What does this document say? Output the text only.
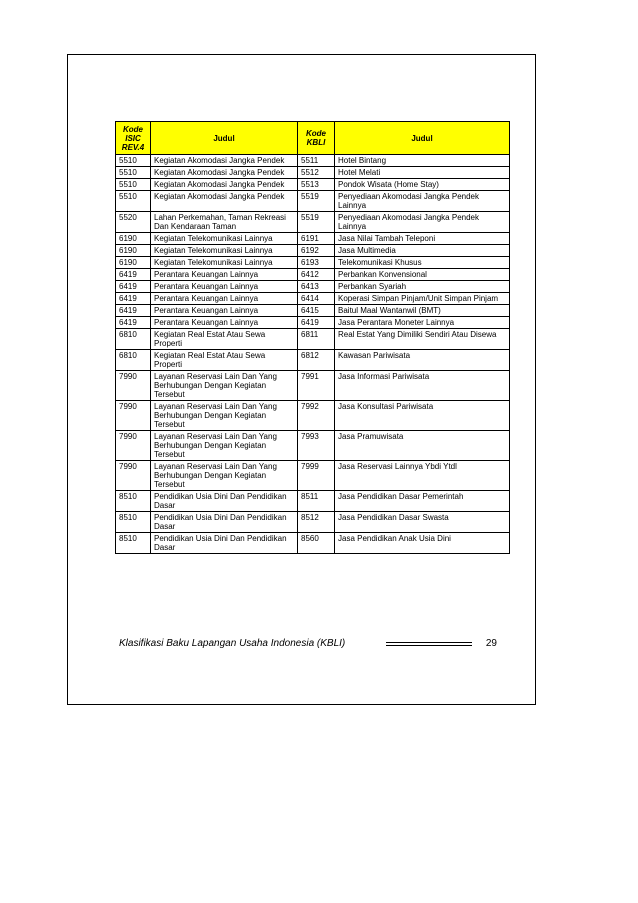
Kode ISIC REV.4	Judul	Kode KBLI	Judul
5510	Kegiatan Akomodasi Jangka Pendek	5511	Hotel Bintang
5510	Kegiatan Akomodasi Jangka Pendek	5512	Hotel Melati
5510	Kegiatan Akomodasi Jangka Pendek	5513	Pondok Wisata (Home Stay)
5510	Kegiatan Akomodasi Jangka Pendek	5519	Penyediaan Akomodasi Jangka Pendek Lainnya
5520	Lahan Perkemahan, Taman Rekreasi Dan Kendaraan Taman	5519	Penyediaan Akomodasi Jangka Pendek Lainnya
6190	Kegiatan Telekomunikasi Lainnya	6191	Jasa Nilai Tambah Teleponi
6190	Kegiatan Telekomunikasi Lainnya	6192	Jasa Multimedia
6190	Kegiatan Telekomunikasi Lainnya	6193	Telekomunikasi Khusus
6419	Perantara Keuangan Lainnya	6412	Perbankan Konvensional
6419	Perantara Keuangan Lainnya	6413	Perbankan Syariah
6419	Perantara Keuangan Lainnya	6414	Koperasi Simpan Pinjam/Unit Simpan Pinjam
6419	Perantara Keuangan Lainnya	6415	Baitul Maal Wantanwil (BMT)
6419	Perantara Keuangan Lainnya	6419	Jasa Perantara Moneter Lainnya
6810	Kegiatan Real Estat Atau Sewa Properti	6811	Real Estat Yang Dimiliki Sendiri Atau Disewa
6810	Kegiatan Real Estat Atau Sewa Properti	6812	Kawasan Pariwisata
7990	Layanan Reservasi Lain Dan Yang Berhubungan Dengan Kegiatan Tersebut	7991	Jasa Informasi Pariwisata
7990	Layanan Reservasi Lain Dan Yang Berhubungan Dengan Kegiatan Tersebut	7992	Jasa Konsultasi Pariwisata
7990	Layanan Reservasi Lain Dan Yang Berhubungan Dengan Kegiatan Tersebut	7993	Jasa Pramuwisata
7990	Layanan Reservasi Lain Dan Yang Berhubungan Dengan Kegiatan Tersebut	7999	Jasa Reservasi Lainnya Ybdi Ytdl
8510	Pendidikan Usia Dini Dan Pendidikan Dasar	8511	Jasa Pendidikan Dasar Pemerintah
8510	Pendidikan Usia Dini Dan Pendidikan Dasar	8512	Jasa Pendidikan Dasar Swasta
8510	Pendidikan Usia Dini Dan Pendidikan Dasar	8560	Jasa Pendidikan Anak Usia Dini
Klasifikasi Baku Lapangan Usaha Indonesia (KBLI)	29
